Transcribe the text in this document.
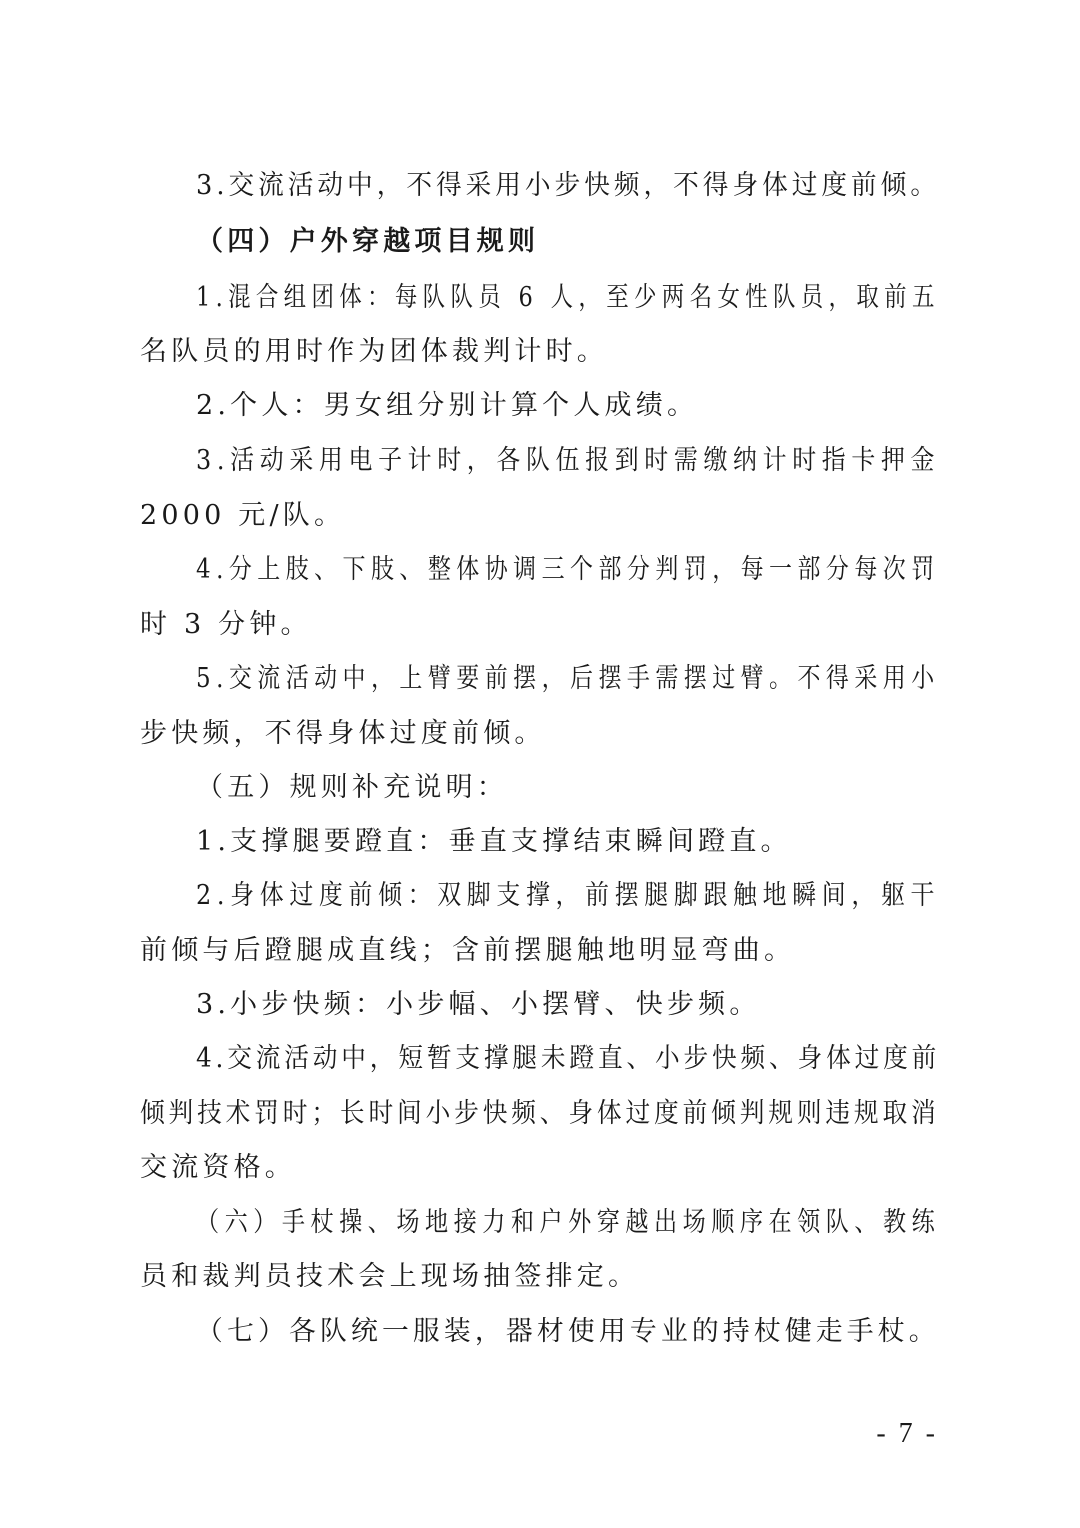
3.交流活动中，不得采用小步快频，不得身体过度前倾。
（四）户外穿越项目规则
1.混合组团体：每队队员 6 人，至少两名女性队员，取前五
名队员的用时作为团体裁判计时。
2.个人：男女组分别计算个人成绩。
3.活动采用电子计时，各队伍报到时需缴纳计时指卡押金
2000 元/队。
4.分上肢、下肢、整体协调三个部分判罚，每一部分每次罚
时 3 分钟。
5.交流活动中，上臂要前摆，后摆手需摆过臂。不得采用小
步快频，不得身体过度前倾。
（五）规则补充说明：
1.支撑腿要蹬直：垂直支撑结束瞬间蹬直。
2.身体过度前倾：双脚支撑，前摆腿脚跟触地瞬间，躯干
前倾与后蹬腿成直线；含前摆腿触地明显弯曲。
3.小步快频：小步幅、小摆臂、快步频。
4.交流活动中，短暂支撑腿未蹬直、小步快频、身体过度前
倾判技术罚时；长时间小步快频、身体过度前倾判规则违规取消
交流资格。
（六）手杖操、场地接力和户外穿越出场顺序在领队、教练
员和裁判员技术会上现场抽签排定。
（七）各队统一服装，器材使用专业的持杖健走手杖。
- 7 -
